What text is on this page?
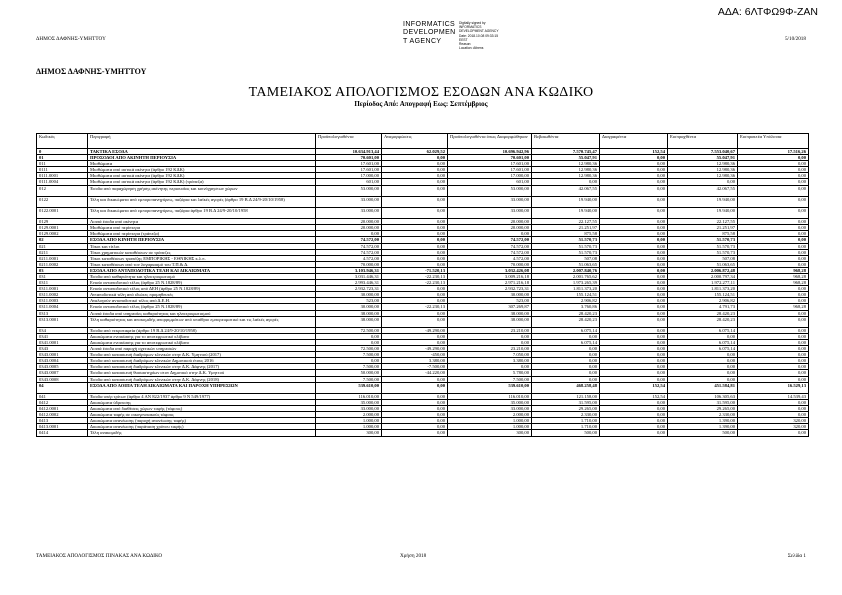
ΑΔΑ: 6ΛΤΦΩ9Φ-ΖΑΝ
ΔΗΜΟΣ ΔΑΦΝΗΣ-ΥΜΗΤΤΟΥ	5/10/2018
INFORMATICS
DEVELOPMEN
T AGENCY
Digitally signed by
INFORMATICS
DEVELOPMENT AGENCY
Date: 2018.10.08 09:33:15
EEST
Reason:
Location: Athens
ΔΗΜΟΣ ΔΑΦΝΗΣ-ΥΜΗΤΤΟΥ
ΤΑΜΕΙΑΚΟΣ ΑΠΟΛΟΓΙΣΜΟΣ ΕΣΟΔΩΝ ΑΝΑ ΚΩΔΙΚΟ
Περίοδος Από: Απογραφή Εως: Σεπτέμβριος
Κωδικός	Περιγραφή	Προϋπολογισθέντα	Αναμορφώσεις	Προϋπολογισθέντα όπως Διαμορφώθηκαν	Βεβαιωθέντα	Διαγραφέντα	Εισπραχθέντα	Εισπρακτέα Υπόλοιπα
0	ΤΑΚΤΙΚΑ ΕΣΟΔΑ	10.634.913,44	62.029,52	10.696.942,96	7.570.745,47	152,54	7.553.040,67	17.516,26
01	ΠΡΟΣΟΔΟΙ ΑΠΟ ΑΚΙΝΗΤΗ ΠΕΡΙΟΥΣΙΑ	70.601,00	0,00	70.601,00	55.047,91	0,00	55.047,91	0,00
011	Μισθώματα	17.601,00	0,00	17.601,00	12.980,36	0,00	12.980,36	0,00
0111	Μισθώματα από αστικά ακίνητα (άρθρο 192 ΚΔΚ)	17.601,00	0,00	17.601,00	12.980,36	0,00	12.980,36	0,00
0111.0001	Μισθώματα από αστικά ακίνητα (άρθρο 192 ΚΔΚ)	17.000,00	0,00	17.000,00	12.980,36	0,00	12.980,36	0,00
0111.0004	Μισθώματα από αστικά ακίνητα (άρθρο 192 ΚΔΚ) (τράπεζα)	601,00	0,00	601,00	0,00	0,00	0,00	0,00
012	Έσοδα από παραχώρηση χρήσης ακίνητης περιουσίας και κοινόχρηστων χώρων	53.000,00	0,00	53.000,00	42.067,55	0,00	42.067,55	0,00
0122	Τέλη και δικαιώματα από εμποροπανηγύρεις, παζάρια και λαϊκές αγορές (άρθρο 19 Β.Δ 24/9-20/10/1958)	33.000,00	0,00	33.000,00	19.940,00	0,00	19.940,00	0,00
0122.0001	Τέλη και δικαιώματα από εμποροπανηγύρεις, παζάρια άρθρο 19 Β.Δ 24/9-20/10/1958	33.000,00	0,00	33.000,00	19.940,00	0,00	19.940,00	0,00
0129	Λοιπά έσοδα από ακίνητα	20.000,00	0,00	20.000,00	22.127,55	0,00	22.127,55	0,00
0129.0001	Μισθώματα από περίπτερα	20.000,00	0,00	20.000,00	21.251,97	0,00	21.251,97	0,00
0129.0002	Μισθώματα από περίπτερα (τράπεζα)	0,00	0,00	0,00	875,58	0,00	875,58	0,00
02	ΕΣΟΔΑ ΑΠΟ ΚΙΝΗΤΗ ΠΕΡΙΟΥΣΙΑ	74.572,00	0,00	74.572,00	51.570,73	0,00	51.570,73	0,00
021	Τόκοι και τίτλοι	74.572,00	0,00	74.572,00	51.570,73	0,00	51.570,73	0,00
0211	Τόκοι χρηματικών καταθέσεων σε τράπεζες	74.572,00	0,00	74.572,00	51.570,73	0,00	51.570,73	0,00
0211.0001	Τόκοι καταθέσεων τραπέζης ΕΜΠΟΡΙΚΗΣ - ΕΘΝΙΚΗΣ κ.λ.π.	4.572,00	0,00	4.572,00	507,08	0,00	507,08	0,00
0211.0002	Τόκοι καταθέσεων από τον λογαριασμό του Τ.Π.& Δ.	70.000,00	0,00	70.000,00	51.063,65	0,00	51.063,65	0,00
03	ΕΣΟΔΑ ΑΠΟ ΑΝΤΑΠΟΔΟΤΙΚΑ ΤΕΛΗ ΚΑΙ ΔΙΚΑΙΩΜΑΤΑ	3.103.946,31	-71.520,13	3.032.426,08	2.007.840,76	0,00	2.006.872,48	968,28
031	Έσοδα από καθαριότητα και ηλεκτροφωτισμό	3.031.446,31	-22.230,13	3.009.216,18	2.001.765,62	0,00	2.000.797,34	968,28
0311	Ενιαίο ανταποδοτικό τέλος (άρθρο 25 Ν.1828/89)	2.993.446,31	-22.230,13	2.971.216,18	1.973.265,39	0,00	1.972.277,11	968,28
0311.0001	Ενιαίο ανταποδοτικό τέλος από ΔΕΗ (άρθρο 25 Ν.1828/89)	2.932.723,31	0,00	2.932.723,31	1.811.373,20	0,00	1.811.373,20	0,00
0311.0002	Ανταποδοτικά τέλη από ιδιώτες προμηθευτές	30.000,00	0,00	30.000,00	155.124,51	0,00	155.124,51	0,00
0311.0003	Αναλογούν ανταποδοτικό τέλος από Δ.Ε.Η.	523,00	0,00	523,00	2.906,82	0,00	2.906,82	0,00
0311.0004	Ενιαίο ανταποδοτικό τέλος (άρθρο 25 Ν.1828/89)	30.000,00	-22.230,13	307.269,87	3.760,86	0,00	4.791,73	968,28
0313	Λοιπά έσοδα από υπηρεσίες καθαριότητας και ηλεκτροφωτισμού	38.000,00	0,00	38.000,00	28.420,23	0,00	28.420,23	0,00
0313.0001	Τέλη καθαριότητας και αποκομιδής απορριμμάτων από υπαίθριο εμπορευματικό και τις λαϊκές αγορές	38.000,00	0,00	38.000,00	28.420,23	0,00	28.420,23	0,00
034	Έσοδα από νεκροταφεία (άρθρο 19 Β.Δ 24/9-20/10/1958)	72.500,00	-49.290,00	23.210,00	6.075,14	0,00	6.075,14	0,00
0341	Δικαιώματα ενοικίασης για το αποτεφρωτικό κλίβανο	0,00	0,00	0,00	0,00	0,00	0,00	0,00
0341.0001	Δικαιώματα ενοικίασης για το αποτεφρωτικό κλίβανο	0,00	0,00	0,00	6.075,14	0,00	6.075,14	0,00
0343	Λοιπά έσοδα από παροχή σχετικών υπηρεσιών	72.500,00	-49.290,00	23.210,00	0,00	0,00	6.075,14	0,00
0343.0001	Έσοδα από κατασκευή διαδρόμων κλινικών στην Δ.Κ. Υμηττού (2017)	7.500,00	-450,00	7.050,00	0,00	0,00	0,00	0,00
0343.0004	Έσοδα από κατασκευή διαδρόμων κλινικών Δημοτικού έτους 2016	0,00	3.380,00	3.380,00	0,00	0,00	0,00	0,00
0343.0005	Έσοδα από κατασκευή διαδρόμων κλινικών στην Δ.Κ. Δάφνης (2017)	7.500,00	-7.500,00	0,00	0,00	0,00	0,00	0,00
0343.0007	Έσοδα από κατασκευή θυσιαστηρίων στον Δημοτικό στην Δ.Κ. Υμηττού	50.000,00	-44.220,00	5.780,00	0,00	0,00	0,00	0,00
0343.0008	Έσοδα από κατασκευή διαδρόμων κλινικών στην Δ.Κ. Δάφνης (2018)	7.500,00	0,00	7.500,00	0,00	0,00	0,00	0,00
04	ΕΣΟΔΑ ΑΠΟ ΛΟΙΠΑ ΤΕΛΗ ΔΙΚΑΙΩΜΑΤΑ ΚΑΙ ΠΑΡΟΧΗ ΥΠΗΡΕΣΙΩΝ	539.610,00	0,00	539.610,00	468.258,48	152,54	451.584,81	16.529,13
041	Έσοδα υπέρ τρίτων (άρθρο 4 ΑΝ 822/1937 άρθρο 9 Ν 549/1977)	116.010,00	0,00	116.010,00	121.158,00	152,54	106.305,63	14.539,43
0412	Δικαιώματα ύδρευσης	35.000,00	0,00	35.000,00	31.595,00	0,00	31.595,00	0,00
0412.0001	Δικαιώματα από διαθέσεις χώρων ταφής (τάφους)	33.000,00	0,00	33.000,00	29.265,00	0,00	29.265,00	0,00
0412.0002	Δικαιώματα ταφής σε οικογενειακούς τάφους	2.000,00	0,00	2.000,00	2.330,00	0,00	2.330,00	0,00
0413	Δικαιώματα ανανέωσης (παροχή ανανέωσης ταφής)	1.000,00	0,00	1.000,00	1.710,00	0,00	1.390,00	320,00
0413.0001	Δικαιώματα ανανέωσης (παράταση χρόνου ταφής)	1.000,00	0,00	1.000,00	1.710,00	0,00	1.390,00	320,00
0414	Τέλη ανακομιδής	300,00	0,00	300,00	500,00	0,00	500,00	0,00
ΤΑΜΕΙΑΚΟΣ ΑΠΟΛΟΓΙΣΜΟΣ ΠΙΝΑΚΑΣ ΑΝΑ ΚΩΔΙΚΟ	Χρήση 2018	Σελίδα 1
